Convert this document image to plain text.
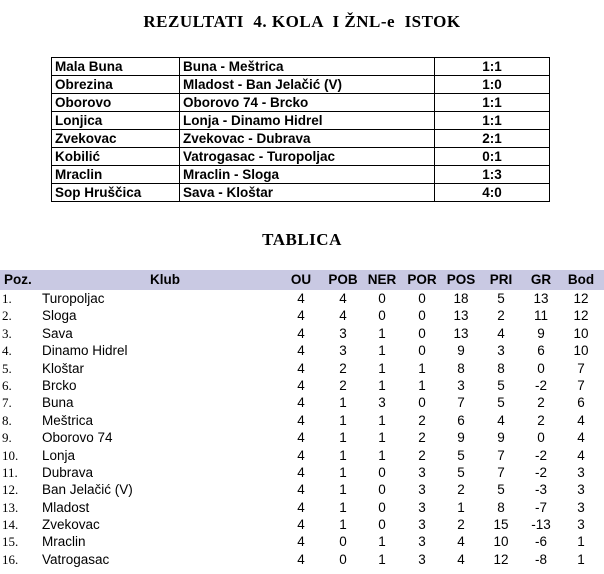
REZULTATI  4. KOLA  I ŽNL-e  ISTOK
Mala Buna	Buna - Meštrica	1:1
Obrezina	Mladost - Ban Jelačić (V)	1:0
Oborovo	Oborovo 74 - Brcko	1:1
Lonjica	Lonja - Dinamo Hidrel	1:1
Zvekovac	Zvekovac - Dubrava	2:1
Kobilić	Vatrogasac - Turopoljac	0:1
Mraclin	Mraclin - Sloga	1:3
Sop Hruščica	Sava - Kloštar	4:0
TABLICA
Poz.	Klub	OU	POB NER POR POS PRI	GR	Bod
1. Turopoljac	4	4	0	0	18	5	13	12
2. Sloga	4	4	0	0	13	2	11	12
3. Sava	4	3	1	0	13	4	9	10
4. Dinamo Hidrel	4	3	1	0	9	3	6	10
5. Kloštar	4	2	1	1	8	8	0	7
6. Brcko	4	2	1	1	3	5	-2	7
7. Buna	4	1	3	0	7	5	2	6
8. Meštrica	4	1	1	2	6	4	2	4
9. Oborovo 74	4	1	1	2	9	9	0	4
10. Lonja	4	1	1	2	5	7	-2	4
11. Dubrava	4	1	0	3	5	7	-2	3
12. Ban Jelačić (V)	4	1	0	3	2	5	-3	3
13. Mladost	4	1	0	3	1	8	-7	3
14. Zvekovac	4	1	0	3	2	15	-13	3
15. Mraclin	4	0	1	3	4	10	-6	1
16. Vatrogasac	4	0	1	3	4	12	-8	1
